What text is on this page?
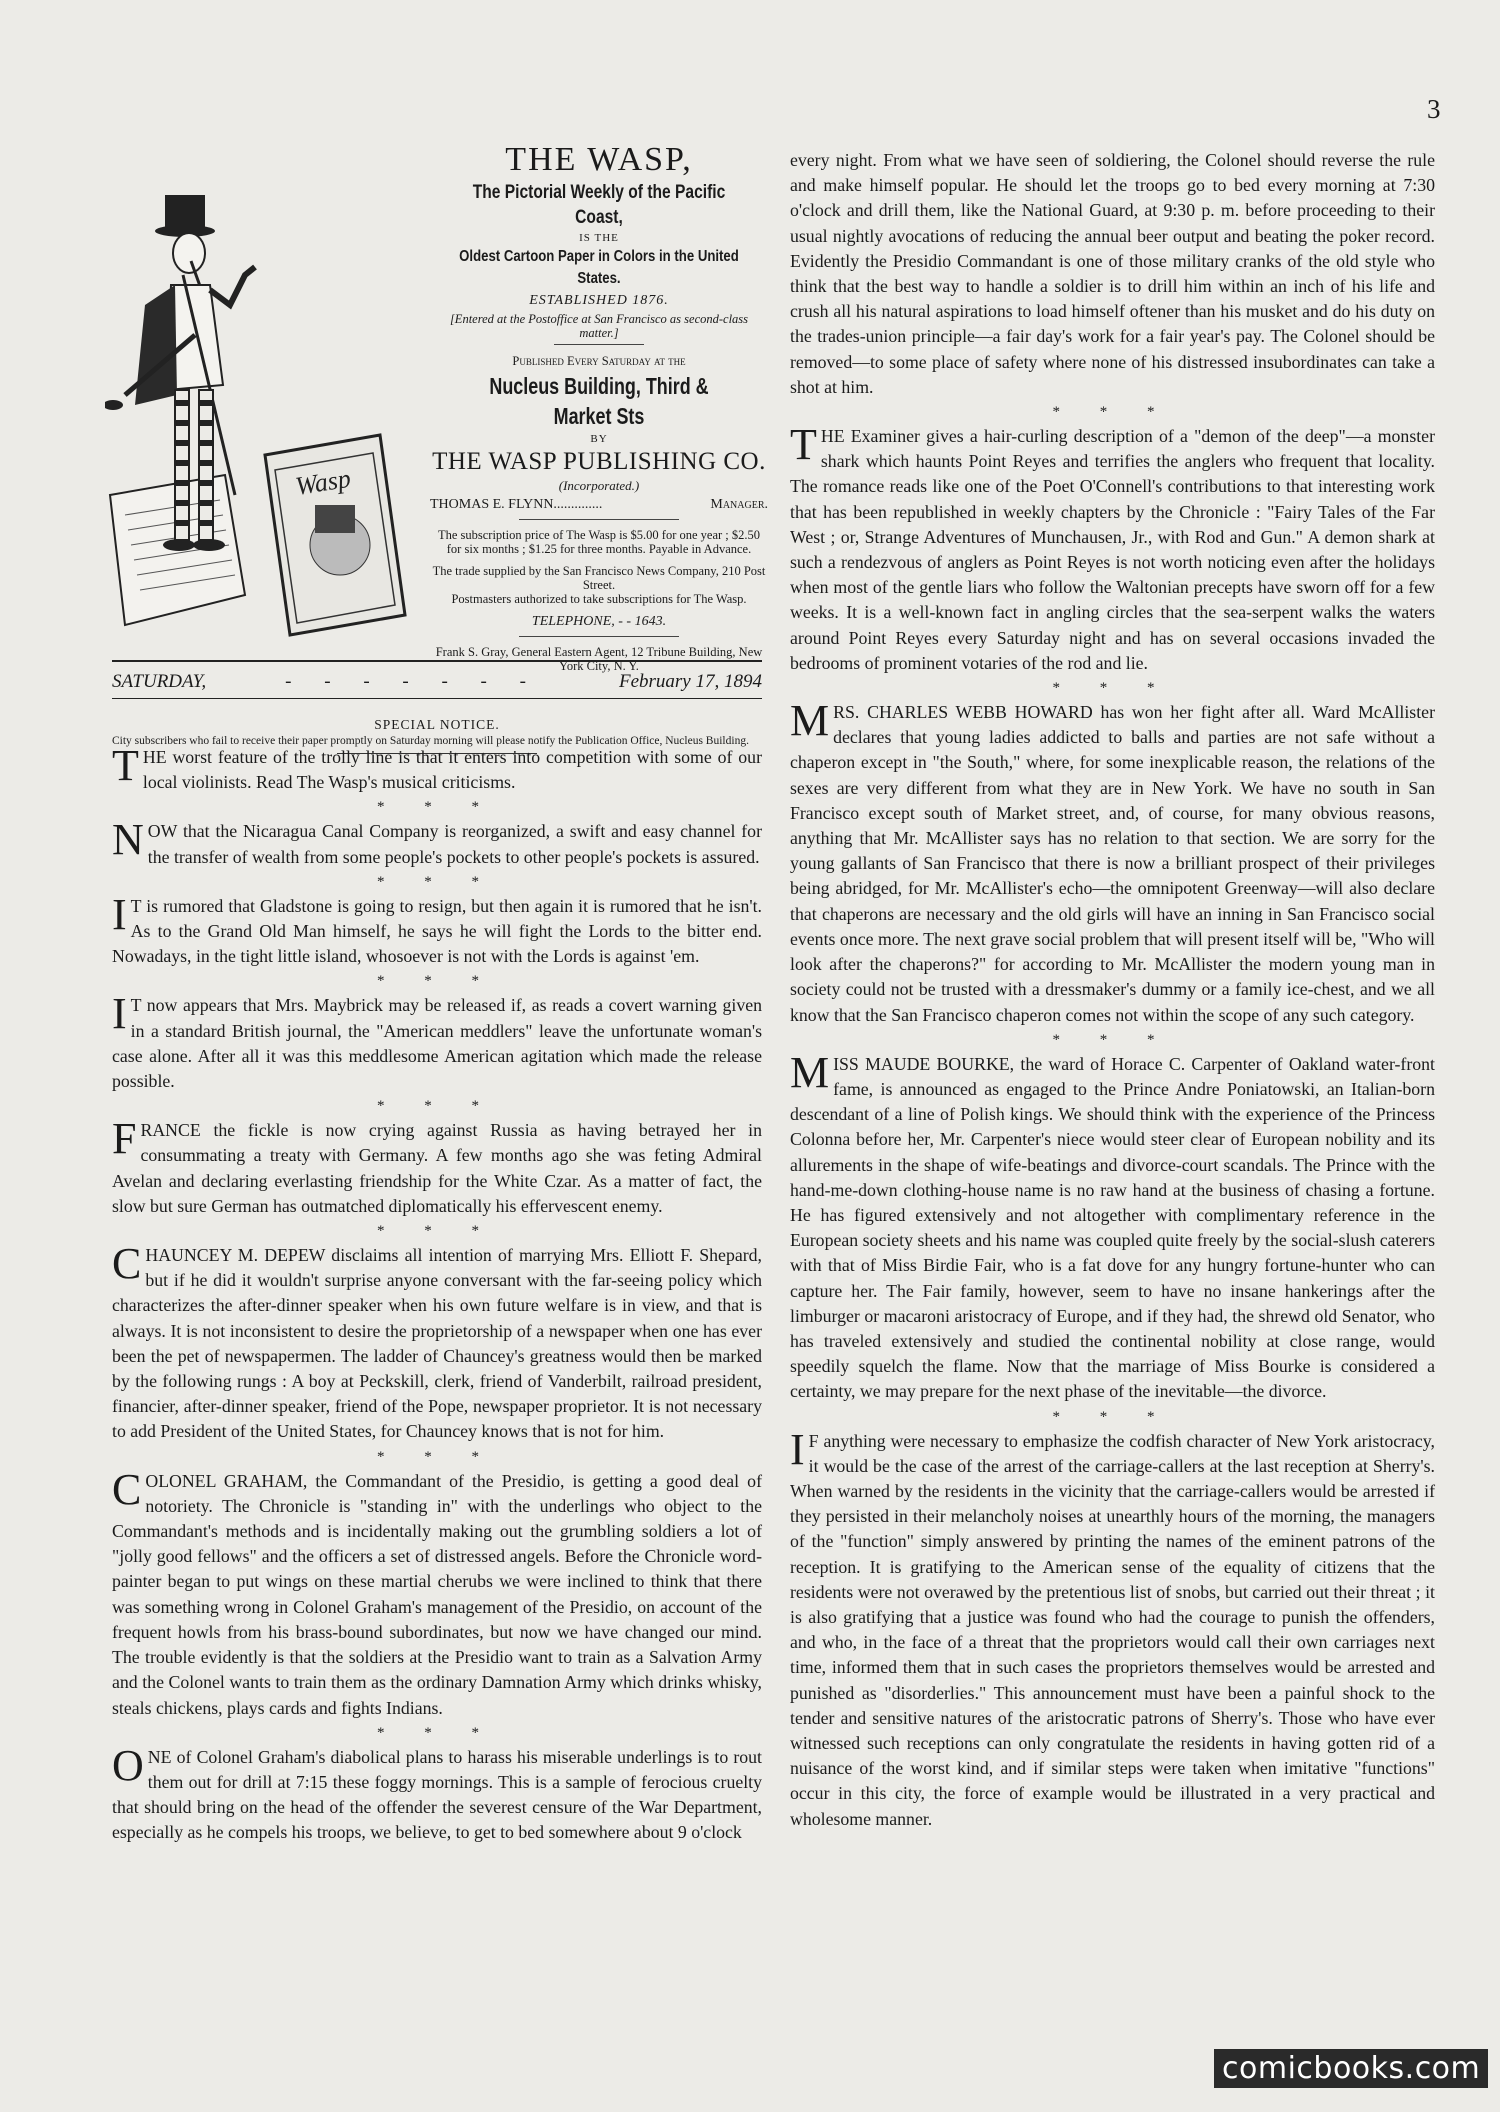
3
Wasp
THE WASP,
The Pictorial Weekly of the Pacific Coast,
IS THE
Oldest Cartoon Paper in Colors in the United States.
ESTABLISHED 1876.
[Entered at the Postoffice at San Francisco as second-class matter.]
Published Every Saturday at the
Nucleus Building, Third & Market Sts
BY
THE WASP PUBLISHING CO.
(Incorporated.)
THOMAS E. FLYNN..............	Manager.
The subscription price of The Wasp is $5.00 for one year ; $2.50 for six months ; $1.25 for three months. Payable in Advance.
The trade supplied by the San Francisco News Company, 210 Post Street.
Postmasters authorized to take subscriptions for The Wasp.
TELEPHONE, - - 1643.
Frank S. Gray, General Eastern Agent, 12 Tribune Building, New York City, N. Y.
SATURDAY,	- - - - - - -	February 17, 1894
SPECIAL NOTICE.
City subscribers who fail to receive their paper promptly on Saturday morning will please notify the Publication Office, Nucleus Building.

THE worst feature of the trolly line is that it enters into competition with some of our local violinists. Read The Wasp's musical criticisms.

* * *

NOW that the Nicaragua Canal Company is reorganized, a swift and easy channel for the transfer of wealth from some people's pockets to other people's pockets is assured.

* * *

I T is rumored that Gladstone is going to resign, but then again it is rumored that he isn't. As to the Grand Old Man himself, he says he will fight the Lords to the bitter end. Nowadays, in the tight little island, whosoever is not with the Lords is against 'em.

* * *

I T now appears that Mrs. Maybrick may be released if, as reads a covert warning given in a standard British journal, the "American meddlers" leave the unfortunate woman's case alone. After all it was this meddlesome American agitation which made the release possible.

* * *

FRANCE the fickle is now crying against Russia as having betrayed her in consummating a treaty with Germany. A few months ago she was feting Admiral Avelan and declaring everlasting friendship for the White Czar. As a matter of fact, the slow but sure German has outmatched diplomatically his effervescent enemy.

* * *

CHAUNCEY M. DEPEW disclaims all intention of marrying Mrs. Elliott F. Shepard, but if he did it wouldn't surprise anyone conversant with the far-seeing policy which characterizes the after-dinner speaker when his own future welfare is in view, and that is always. It is not inconsistent to desire the proprietorship of a newspaper when one has ever been the pet of newspapermen. The ladder of Chauncey's greatness would then be marked by the following rungs : A boy at Peckskill, clerk, friend of Vanderbilt, railroad president, financier, after-dinner speaker, friend of the Pope, newspaper proprietor. It is not necessary to add President of the United States, for Chauncey knows that is not for him.

* * *

COLONEL GRAHAM, the Commandant of the Presidio, is getting a good deal of notoriety. The Chronicle is "standing in" with the underlings who object to the Commandant's methods and is incidentally making out the grumbling soldiers a lot of "jolly good fellows" and the officers a set of distressed angels. Before the Chronicle word-painter began to put wings on these martial cherubs we were inclined to think that there was something wrong in Colonel Graham's management of the Presidio, on account of the frequent howls from his brass-bound subordinates, but now we have changed our mind. The trouble evidently is that the soldiers at the Presidio want to train as a Salvation Army and the Colonel wants to train them as the ordinary Damnation Army which drinks whisky, steals chickens, plays cards and fights Indians.

* * *

ONE of Colonel Graham's diabolical plans to harass his miserable underlings is to rout them out for drill at 7:15 these foggy mornings. This is a sample of ferocious cruelty that should bring on the head of the offender the severest censure of the War Department, especially as he compels his troops, we believe, to get to bed somewhere about 9 o'clock

every night. From what we have seen of soldiering, the Colonel should reverse the rule and make himself popular. He should let the troops go to bed every morning at 7:30 o'clock and drill them, like the National Guard, at 9:30 p. m. before proceeding to their usual nightly avocations of reducing the annual beer output and beating the poker record. Evidently the Presidio Commandant is one of those military cranks of the old style who think that the best way to handle a soldier is to drill him within an inch of his life and crush all his natural aspirations to load himself oftener than his musket and do his duty on the trades-union principle—a fair day's work for a fair year's pay. The Colonel should be removed—to some place of safety where none of his distressed insubordinates can take a shot at him.

* * *

THE Examiner gives a hair-curling description of a "demon of the deep"—a monster shark which haunts Point Reyes and terrifies the anglers who frequent that locality. The romance reads like one of the Poet O'Connell's contributions to that interesting work that has been republished in weekly chapters by the Chronicle : "Fairy Tales of the Far West ; or, Strange Adventures of Munchausen, Jr., with Rod and Gun." A demon shark at such a rendezvous of anglers as Point Reyes is not worth noticing even after the holidays when most of the gentle liars who follow the Waltonian precepts have sworn off for a few weeks. It is a well-known fact in angling circles that the sea-serpent walks the waters around Point Reyes every Saturday night and has on several occasions invaded the bedrooms of prominent votaries of the rod and lie.

* * *

MRS. CHARLES WEBB HOWARD has won her fight after all. Ward McAllister declares that young ladies addicted to balls and parties are not safe without a chaperon except in "the South," where, for some inexplicable reason, the relations of the sexes are very different from what they are in New York. We have no south in San Francisco except south of Market street, and, of course, for many obvious reasons, anything that Mr. McAllister says has no relation to that section. We are sorry for the young gallants of San Francisco that there is now a brilliant prospect of their privileges being abridged, for Mr. McAllister's echo—the omnipotent Greenway—will also declare that chaperons are necessary and the old girls will have an inning in San Francisco social events once more. The next grave social problem that will present itself will be, "Who will look after the chaperons?" for according to Mr. McAllister the modern young man in society could not be trusted with a dressmaker's dummy or a family ice-chest, and we all know that the San Francisco chaperon comes not within the scope of any such category.

* * *

MISS MAUDE BOURKE, the ward of Horace C. Carpenter of Oakland water-front fame, is announced as engaged to the Prince Andre Poniatowski, an Italian-born descendant of a line of Polish kings. We should think with the experience of the Princess Colonna before her, Mr. Carpenter's niece would steer clear of European nobility and its allurements in the shape of wife-beatings and divorce-court scandals. The Prince with the hand-me-down clothing-house name is no raw hand at the business of chasing a fortune. He has figured extensively and not altogether with complimentary reference in the European society sheets and his name was coupled quite freely by the social-slush caterers with that of Miss Birdie Fair, who is a fat dove for any hungry fortune-hunter who can capture her. The Fair family, however, seem to have no insane hankerings after the limburger or macaroni aristocracy of Europe, and if they had, the shrewd old Senator, who has traveled extensively and studied the continental nobility at close range, would speedily squelch the flame. Now that the marriage of Miss Bourke is considered a certainty, we may prepare for the next phase of the inevitable—the divorce.

* * *

I F anything were necessary to emphasize the codfish character of New York aristocracy, it would be the case of the arrest of the carriage-callers at the last reception at Sherry's. When warned by the residents in the vicinity that the carriage-callers would be arrested if they persisted in their melancholy noises at unearthly hours of the morning, the managers of the "function" simply answered by printing the names of the eminent patrons of the reception. It is gratifying to the American sense of the equality of citizens that the residents were not overawed by the pretentious list of snobs, but carried out their threat ; it is also gratifying that a justice was found who had the courage to punish the offenders, and who, in the face of a threat that the proprietors would call their own carriages next time, informed them that in such cases the proprietors themselves would be arrested and punished as "disorderlies." This announcement must have been a painful shock to the tender and sensitive natures of the aristocratic patrons of Sherry's. Those who have ever witnessed such receptions can only congratulate the residents in having gotten rid of a nuisance of the worst kind, and if similar steps were taken when imitative "functions" occur in this city, the force of example would be illustrated in a very practical and wholesome manner.

comicbooks.com
